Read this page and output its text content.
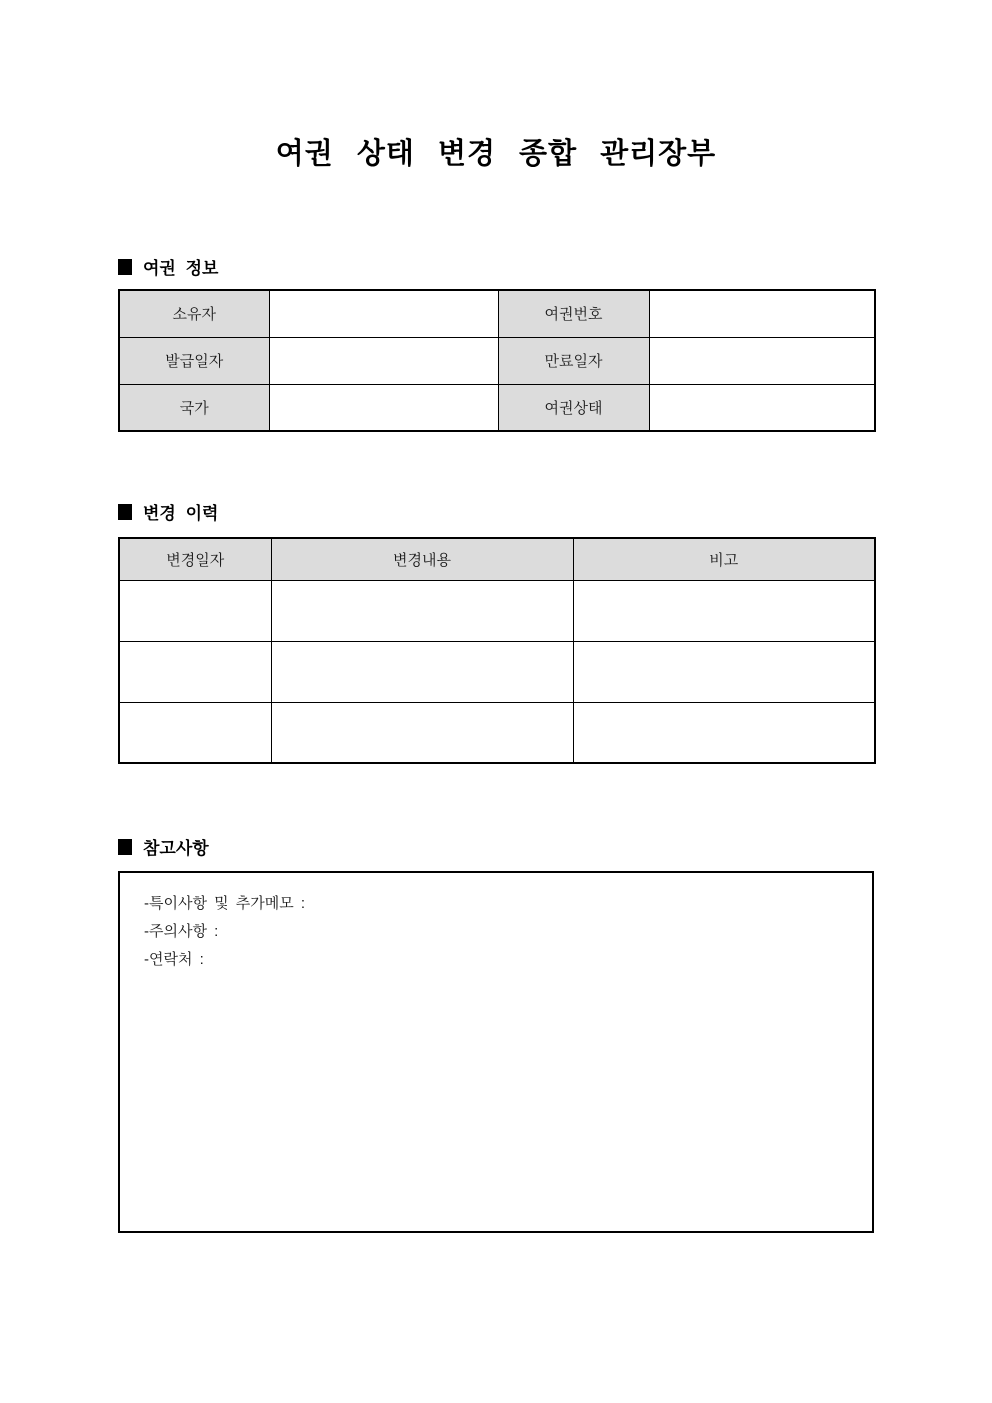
여권 상태 변경 종합 관리장부
여권 정보
소유자		여권번호	
발급일자		만료일자	
국가		여권상태	
변경 이력
변경일자	변경내용	비고

참고사항
-특이사항 및 추가메모 :
-주의사항 :
-연락처 :
